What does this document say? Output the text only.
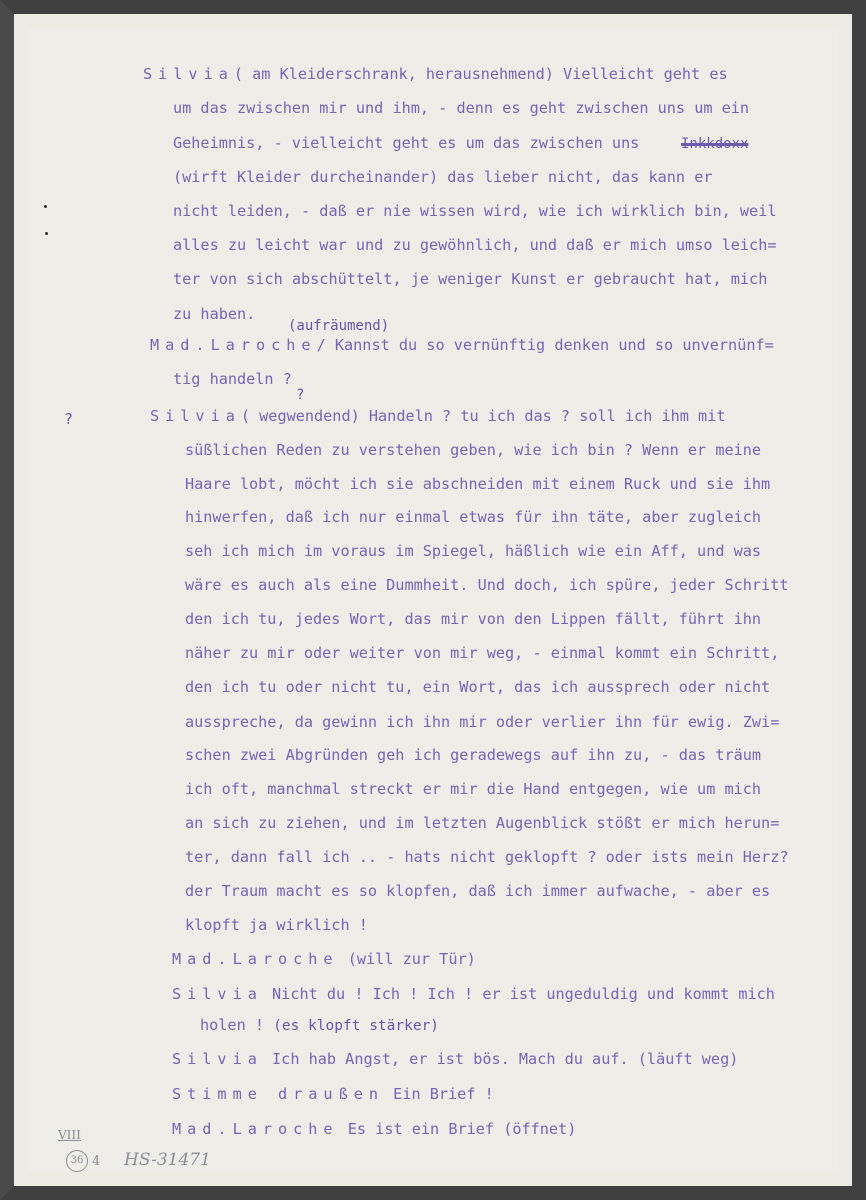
Silvia( am Kleiderschrank, herausnehmend) Vielleicht geht es
um das zwischen mir und ihm, - denn es geht zwischen uns um ein
Geheimnis, - vielleicht geht es um das zwischen uns	Inkkdoxx
(wirft Kleider durcheinander) das lieber nicht, das kann er
nicht leiden, - daß er nie wissen wird, wie ich wirklich bin, weil
alles zu leicht war und zu gewöhnlich, und daß er mich umso leich=
ter von sich abschüttelt, je weniger Kunst er gebraucht hat, mich
zu haben.
(aufräumend)
Mad.Laroche/ Kannst du so vernünftig denken und so unvernünf=
tig handeln ?
?
?	Silvia( wegwendend) Handeln ? tu ich das ? soll ich ihm mit
süßlichen Reden zu verstehen geben, wie ich bin ? Wenn er meine
Haare lobt, möcht ich sie abschneiden mit einem Ruck und sie ihm
hinwerfen, daß ich nur einmal etwas für ihn täte, aber zugleich
seh ich mich im voraus im Spiegel, häßlich wie ein Aff, und was
wäre es auch als eine Dummheit. Und doch, ich spüre, jeder Schritt
den ich tu, jedes Wort, das mir von den Lippen fällt, führt ihn
näher zu mir oder weiter von mir weg, - einmal kommt ein Schritt,
den ich tu oder nicht tu, ein Wort, das ich aussprech oder nicht
ausspreche, da gewinn ich ihn mir oder verlier ihn für ewig. Zwi=
schen zwei Abgründen geh ich geradewegs auf ihn zu, - das träum
ich oft, manchmal streckt er mir die Hand entgegen, wie um mich
an sich zu ziehen, und im letzten Augenblick stößt er mich herun=
ter, dann fall ich .. - hats nicht geklopft ? oder ists mein Herz?
der Traum macht es so klopfen, daß ich immer aufwache, - aber es
klopft ja wirklich !
Mad.Laroche (will zur Tür)
Silvia Nicht du ! Ich ! Ich ! er ist ungeduldig und kommt mich
holen ! (es klopft stärker)
Silvia Ich hab Angst, er ist bös. Mach du auf. (läuft weg)
Stimme draußen Ein Brief !
Mad.Laroche Es ist ein Brief (öffnet)
VIII
36 4 HS-31471
